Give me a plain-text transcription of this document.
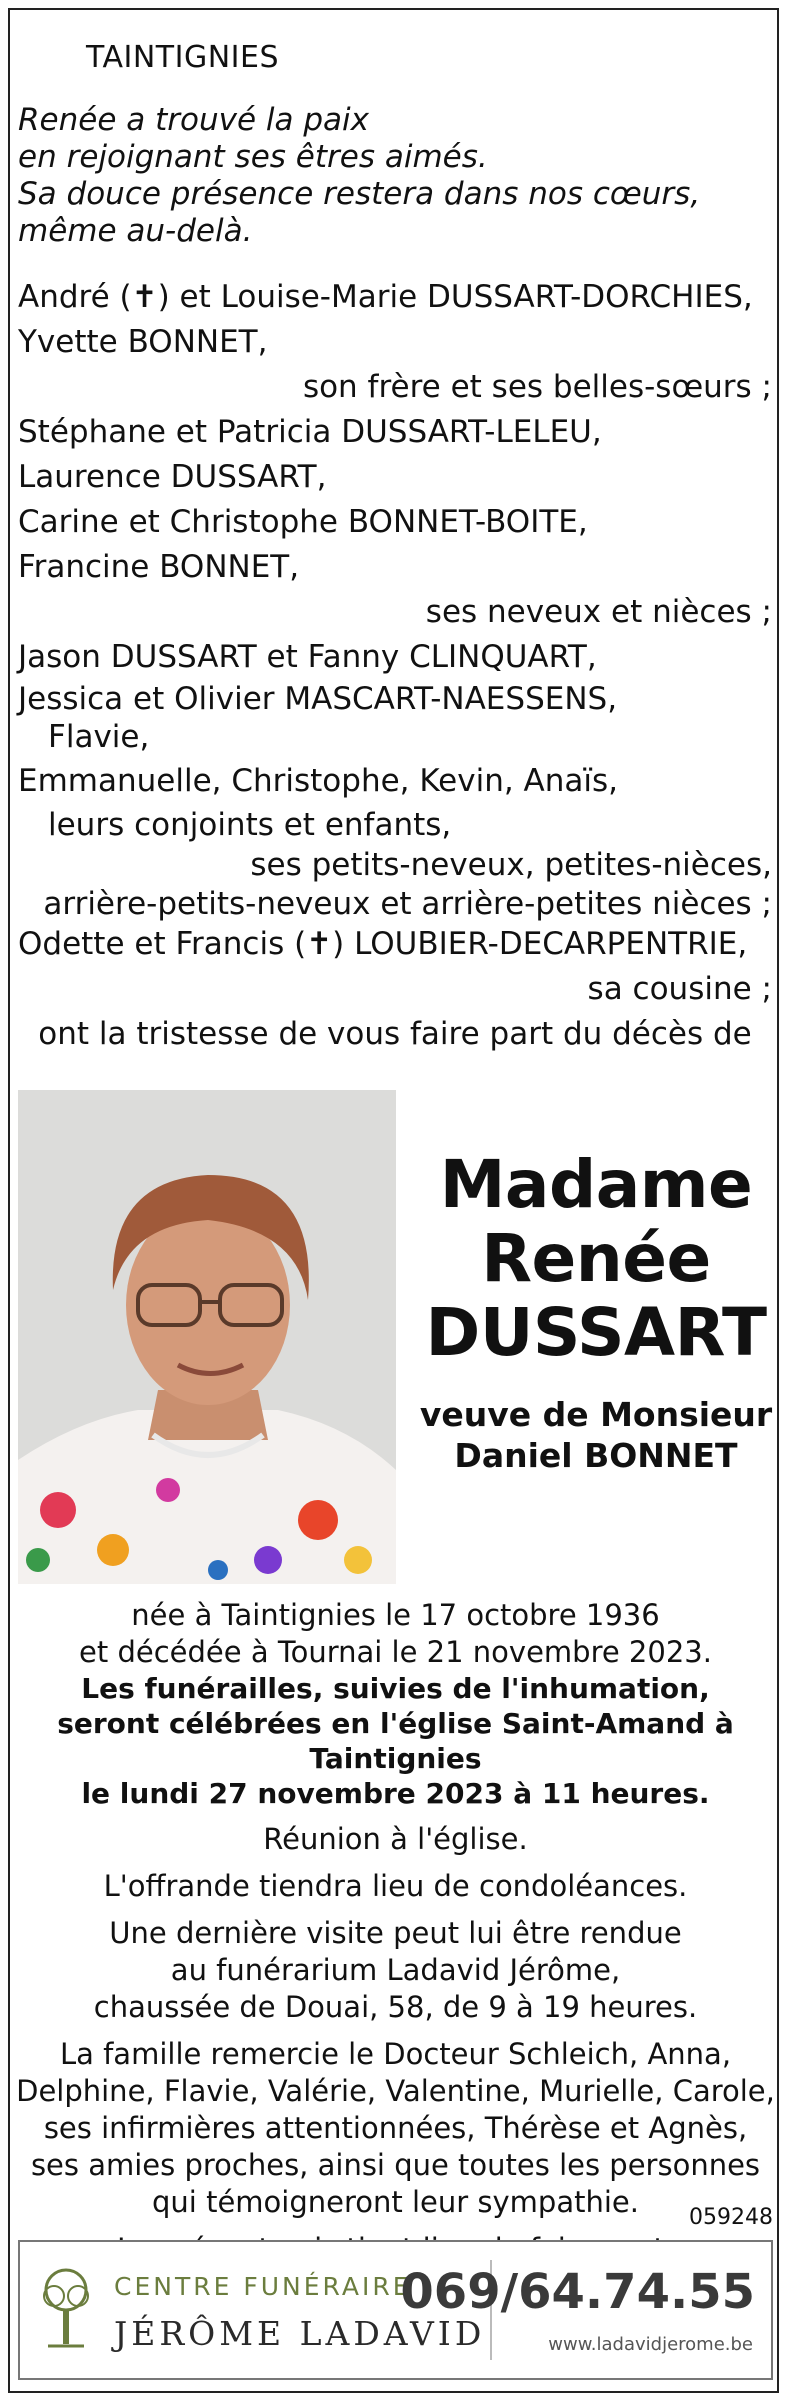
TAINTIGNIES
Renée a trouvé la paix
en rejoignant ses êtres aimés.
Sa douce présence restera dans nos cœurs,
même au-delà.
André (✝) et Louise-Marie DUSSART-DORCHIES,
Yvette BONNET,
son frère et ses belles-sœurs ;
Stéphane et Patricia DUSSART-LELEU,
Laurence DUSSART,
Carine et Christophe BONNET-BOITE,
Francine BONNET,
ses neveux et nièces ;
Jason DUSSART et Fanny CLINQUART,
Jessica et Olivier MASCART-NAESSENS,
Flavie,
Emmanuelle, Christophe, Kevin, Anaïs,
leurs conjoints et enfants,
ses petits-neveux, petites-nièces,
arrière-petits-neveux et arrière-petites nièces ;
Odette et Francis (✝) LOUBIER-DECARPENTRIE,
sa cousine ;
ont la tristesse de vous faire part du décès de
Madame
Renée
DUSSART
veuve de Monsieur
Daniel BONNET
née à Taintignies le 17 octobre 1936
et décédée à Tournai le 21 novembre 2023.
Les funérailles, suivies de l'inhumation,
seront célébrées en l'église Saint-Amand à Taintignies
le lundi 27 novembre 2023 à 11 heures.
Réunion à l'église.
L'offrande tiendra lieu de condoléances.
Une dernière visite peut lui être rendue
au funérarium Ladavid Jérôme,
chaussée de Douai, 58, de 9 à 19 heures.
La famille remercie le Docteur Schleich, Anna,
Delphine, Flavie, Valérie, Valentine, Murielle, Carole,
ses infirmières attentionnées, Thérèse et Agnès,
ses amies proches, ainsi que toutes les personnes
qui témoigneront leur sympathie.	059248
CENTRE FUNÉRAIRE
JÉRÔME LADAVID
069/64.74.55
www.ladavidjerome.be
